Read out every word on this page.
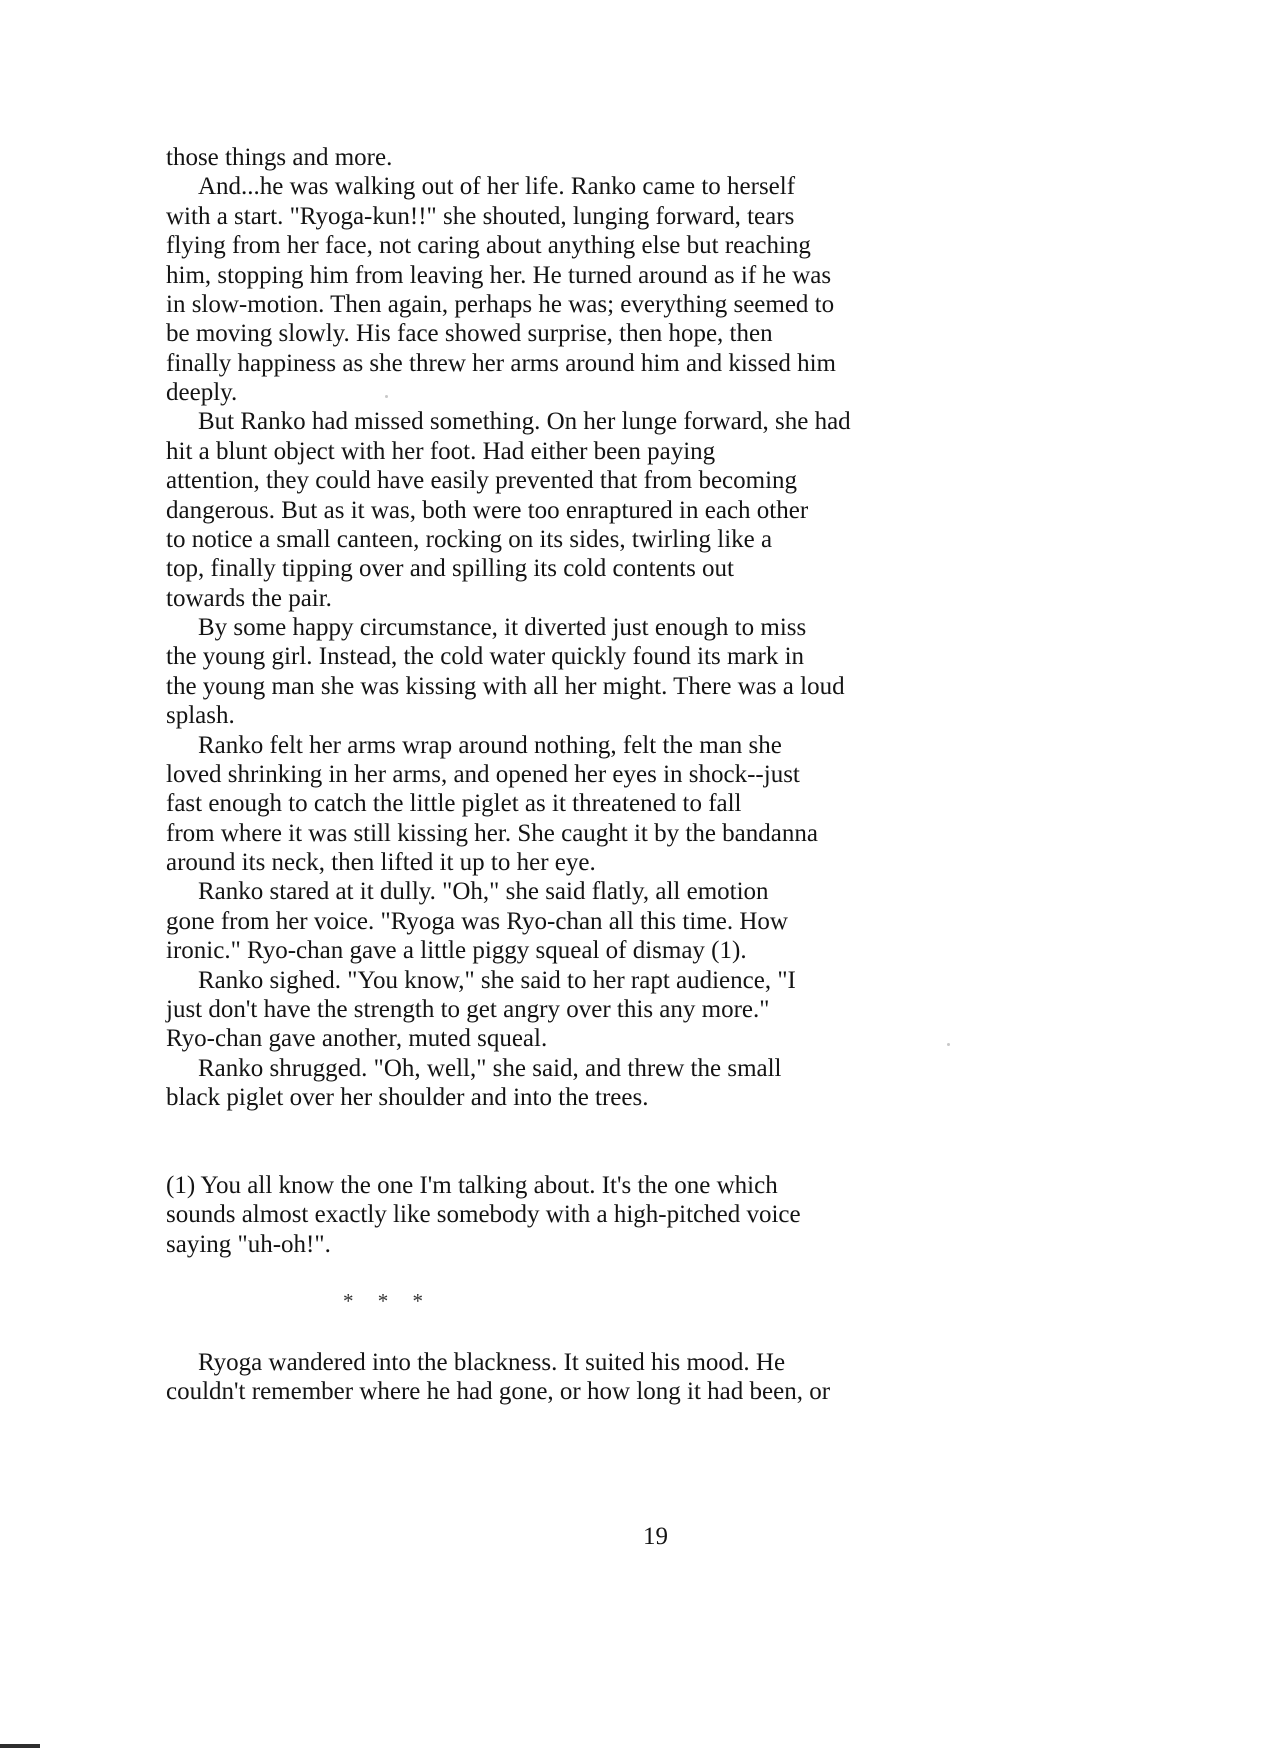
those things and more.
And...he was walking out of her life. Ranko came to herself
with a start. "Ryoga-kun!!" she shouted, lunging forward, tears
flying from her face, not caring about anything else but reaching
him, stopping him from leaving her. He turned around as if he was
in slow-motion. Then again, perhaps he was; everything seemed to
be moving slowly. His face showed surprise, then hope, then
finally happiness as she threw her arms around him and kissed him
deeply.
But Ranko had missed something. On her lunge forward, she had
hit a blunt object with her foot. Had either been paying
attention, they could have easily prevented that from becoming
dangerous. But as it was, both were too enraptured in each other
to notice a small canteen, rocking on its sides, twirling like a
top, finally tipping over and spilling its cold contents out
towards the pair.
By some happy circumstance, it diverted just enough to miss
the young girl. Instead, the cold water quickly found its mark in
the young man she was kissing with all her might. There was a loud
splash.
Ranko felt her arms wrap around nothing, felt the man she
loved shrinking in her arms, and opened her eyes in shock--just
fast enough to catch the little piglet as it threatened to fall
from where it was still kissing her. She caught it by the bandanna
around its neck, then lifted it up to her eye.
Ranko stared at it dully. "Oh," she said flatly, all emotion
gone from her voice. "Ryoga was Ryo-chan all this time. How
ironic." Ryo-chan gave a little piggy squeal of dismay (1).
Ranko sighed. "You know," she said to her rapt audience, "I
just don't have the strength to get angry over this any more."
Ryo-chan gave another, muted squeal.
Ranko shrugged. "Oh, well," she said, and threw the small
black piglet over her shoulder and into the trees.
(1) You all know the one I'm talking about. It's the one which
sounds almost exactly like somebody with a high-pitched voice
saying "uh-oh!".
* * *
Ryoga wandered into the blackness. It suited his mood. He
couldn't remember where he had gone, or how long it had been, or
19
